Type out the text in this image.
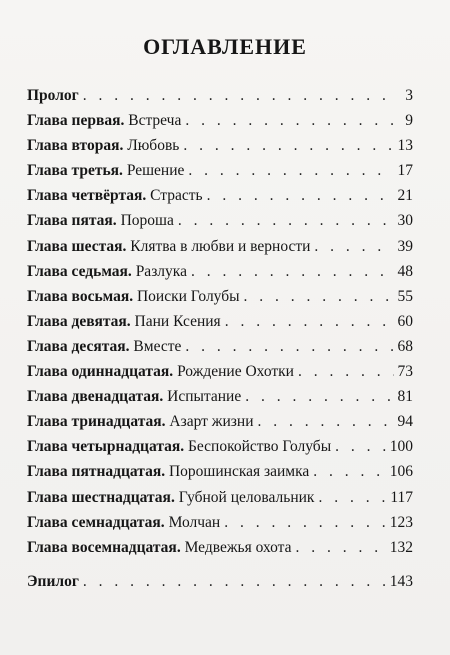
ОГЛАВЛЕНИЕ
Пролог . . .	3
Глава первая. Встреча . . .	9
Глава вторая. Любовь . . .	13
Глава третья. Решение . . .	17
Глава четвёртая. Страсть . . .	21
Глава пятая. Пороша . . .	30
Глава шестая. Клятва в любви и верности . . .	39
Глава седьмая. Разлука . . .	48
Глава восьмая. Поиски Голубы . . .	55
Глава девятая. Пани Ксения . . .	60
Глава десятая. Вместе . . .	68
Глава одиннадцатая. Рождение Охотки . . .	73
Глава двенадцатая. Испытание . . .	81
Глава тринадцатая. Азарт жизни . . .	94
Глава четырнадцатая. Беспокойство Голубы . . .	100
Глава пятнадцатая. Порошинская заимка . . .	106
Глава шестнадцатая. Губной целовальник . . .	117
Глава семнадцатая. Молчан . . .	123
Глава восемнадцатая. Медвежья охота . . .	132
Эпилог . . .	143
